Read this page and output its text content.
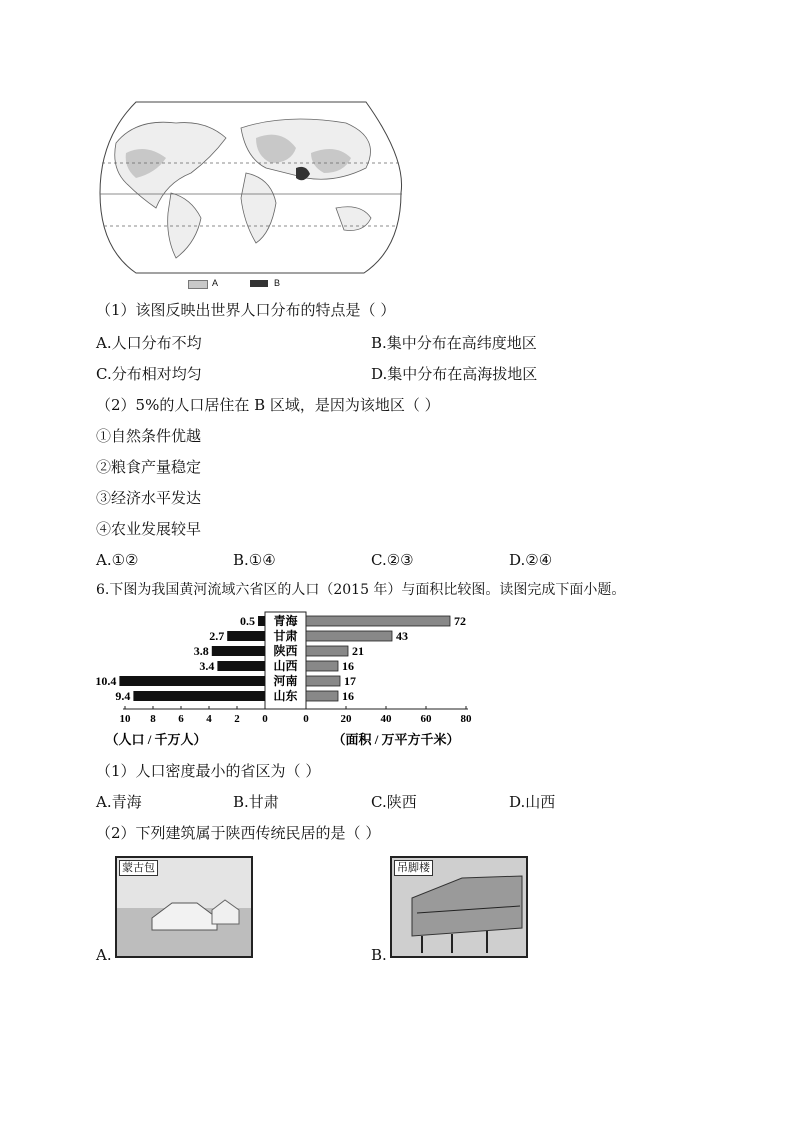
A	B
（1）该图反映出世界人口分布的特点是（ ）
A.人口分布不均	B.集中分布在高纬度地区
C.分布相对均匀	D.集中分布在高海拔地区
（2）5%的人口居住在 B 区域，是因为该地区（ ）
①自然条件优越
②粮食产量稳定
③经济水平发达
④农业发展较早
A.①②	B.①④	C.②③	D.②④
6.下图为我国黄河流域六省区的人口（2015 年）与面积比较图。读图完成下面小题。
0.5 青海	72
2.7	甘肃	43
3.8	陕西	21
3.4	山西	16
10.4	河南	17
9.4	山东	16
10 8 6 4 2 0	0	20	40	60	80
（人口 / 千万人）	（面积 / 万平方千米）
（1）人口密度最小的省区为（ ）
A.青海	B.甘肃	C.陕西	D.山西
（2）下列建筑属于陕西传统民居的是（ ）
A.
蒙古包
B.
吊脚楼
